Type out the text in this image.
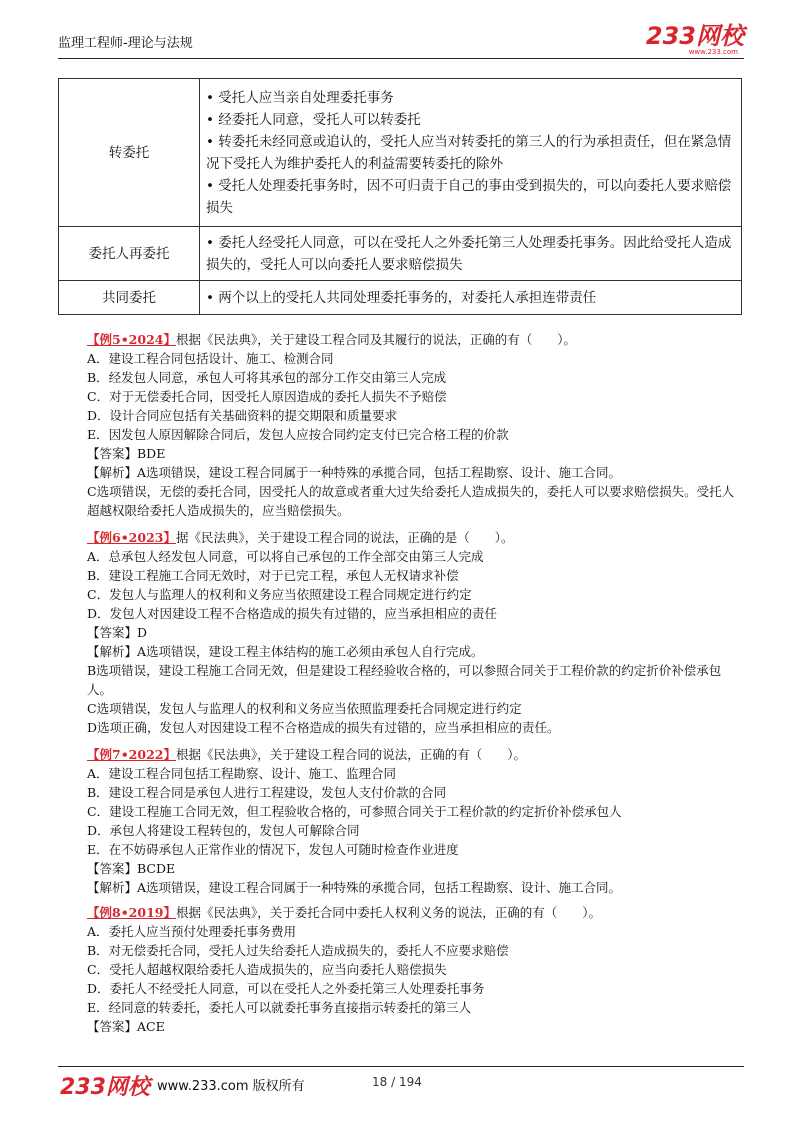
监理工程师-理论与法规	233网校
www.233.com
转委托	• 受托人应当亲自处理委托事务
• 经委托人同意，受托人可以转委托
• 转委托未经同意或追认的，受托人应当对转委托的第三人的行为承担责任，但在紧急情况下受托人为维护委托人的利益需要转委托的除外
• 受托人处理委托事务时，因不可归责于自己的事由受到损失的，可以向委托人要求赔偿损失

委托人再委托	• 委托人经受托人同意，可以在受托人之外委托第三人处理委托事务。因此给受托人造成损失的，受托人可以向委托人要求赔偿损失

共同委托	• 两个以上的受托人共同处理委托事务的，对委托人承担连带责任

【例5•2024】根据《民法典》，关于建设工程合同及其履行的说法，正确的有（　　）。

A．建设工程合同包括设计、施工、检测合同

B．经发包人同意，承包人可将其承包的部分工作交由第三人完成

C．对于无偿委托合同，因受托人原因造成的委托人损失不予赔偿

D．设计合同应包括有关基础资料的提交期限和质量要求

E．因发包人原因解除合同后，发包人应按合同约定支付已完合格工程的价款

【答案】BDE

【解析】A选项错误，建设工程合同属于一种特殊的承揽合同，包括工程勘察、设计、施工合同。

C选项错误，无偿的委托合同，因受托人的故意或者重大过失给委托人造成损失的，委托人可以要求赔偿损失。受托人超越权限给委托人造成损失的，应当赔偿损失。

【例6•2023】据《民法典》，关于建设工程合同的说法，正确的是（　　）。

A．总承包人经发包人同意，可以将自己承包的工作全部交由第三人完成

B．建设工程施工合同无效时，对于已完工程，承包人无权请求补偿

C．发包人与监理人的权利和义务应当依照建设工程合同规定进行约定

D．发包人对因建设工程不合格造成的损失有过错的，应当承担相应的责任

【答案】D

【解析】A选项错误，建设工程主体结构的施工必须由承包人自行完成。

B选项错误，建设工程施工合同无效，但是建设工程经验收合格的，可以参照合同关于工程价款的约定折价补偿承包人。

C选项错误，发包人与监理人的权利和义务应当依照监理委托合同规定进行约定

D选项正确，发包人对因建设工程不合格造成的损失有过错的，应当承担相应的责任。

【例7•2022】根据《民法典》，关于建设工程合同的说法，正确的有（　　）。

A．建设工程合同包括工程勘察、设计、施工、监理合同

B．建设工程合同是承包人进行工程建设，发包人支付价款的合同

C．建设工程施工合同无效，但工程验收合格的，可参照合同关于工程价款的约定折价补偿承包人

D．承包人将建设工程转包的，发包人可解除合同

E．在不妨碍承包人正常作业的情况下，发包人可随时检查作业进度

【答案】BCDE

【解析】A选项错误，建设工程合同属于一种特殊的承揽合同，包括工程勘察、设计、施工合同。

【例8•2019】根据《民法典》，关于委托合同中委托人权利义务的说法，正确的有（　　）。

A．委托人应当预付处理委托事务费用

B．对无偿委托合同，受托人过失给委托人造成损失的，委托人不应要求赔偿

C．受托人超越权限给委托人造成损失的，应当向委托人赔偿损失

D．委托人不经受托人同意，可以在受托人之外委托第三人处理委托事务

E．经同意的转委托，委托人可以就委托事务直接指示转委托的第三人

【答案】ACE

233网校 www.233.com 版权所有	18 / 194
